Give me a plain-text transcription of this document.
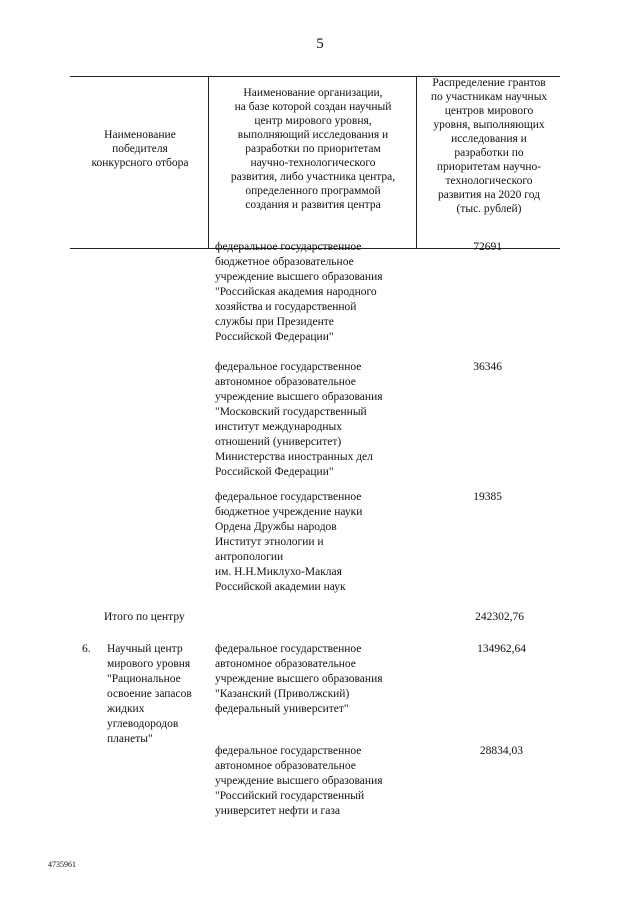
5
Наименование
победителя
конкурсного отбора
Наименование организации,
на базе которой создан научный
центр мирового уровня,
выполняющий исследования и
разработки по приоритетам
научно-технологического
развития, либо участника центра,
определенного программой
создания и развития центра
Распределение грантов
по участникам научных
центров мирового
уровня, выполняющих
исследования и
разработки по
приоритетам научно-
технологического
развития на 2020 год
(тыс. рублей)
федеральное государственное
бюджетное образовательное
учреждение высшего образования
"Российская академия народного
хозяйства и государственной
службы при Президенте
Российской Федерации"
72691
федеральное государственное
автономное образовательное
учреждение высшего образования
"Московский государственный
институт международных
отношений (университет)
Министерства иностранных дел
Российской Федерации"
36346
федеральное государственное
бюджетное учреждение науки
Ордена Дружбы народов
Институт этнологии и
антропологии
им. Н.Н.Миклухо-Маклая
Российской академии наук
19385
Итого по центру	242302,76
6.	Научный центр
мирового уровня
"Рациональное
освоение запасов
жидких
углеводородов
планеты"
федеральное государственное
автономное образовательное
учреждение высшего образования
"Казанский (Приволжский)
федеральный университет"
134962,64
федеральное государственное
автономное образовательное
учреждение высшего образования
"Российский государственный
университет нефти и газа
28834,03
4735961
